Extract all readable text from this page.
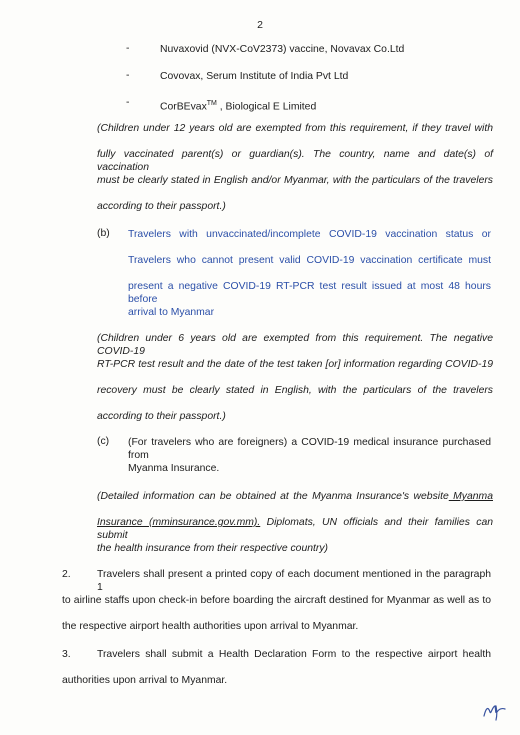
2
-	Nuvaxovid (NVX-CoV2373) vaccine, Novavax Co.Ltd
-	Covovax, Serum Institute of India Pvt Ltd
-	CorBEvax™ , Biological E Limited
(Children under 12 years old are exempted from this requirement, if they travel with
fully vaccinated parent(s) or guardian(s). The country, name and date(s) of vaccination
must be clearly stated in English and/or Myanmar, with the particulars of the travelers
according to their passport.)
(b) Travelers with unvaccinated/incomplete COVID-19 vaccination status or
Travelers who cannot present valid COVID-19 vaccination certificate must
present a negative COVID-19 RT-PCR test result issued at most 48 hours before
arrival to Myanmar
(Children under 6 years old are exempted from this requirement. The negative COVID-19
RT-PCR test result and the date of the test taken [or] information regarding COVID-19
recovery must be clearly stated in English, with the particulars of the travelers
according to their passport.)
(c) (For travelers who are foreigners) a COVID-19 medical insurance purchased from
Myanma Insurance.
(Detailed information can be obtained at the Myanma Insurance's website Myanma
Insurance (mminsurance.gov.mm). Diplomats, UN officials and their families can submit
the health insurance from their respective country)
2.	Travelers shall present a printed copy of each document mentioned in the paragraph 1
to airline staffs upon check-in before boarding the aircraft destined for Myanmar as well as to
the respective airport health authorities upon arrival to Myanmar.
3.	Travelers shall submit a Health Declaration Form to the respective airport health
authorities upon arrival to Myanmar.
